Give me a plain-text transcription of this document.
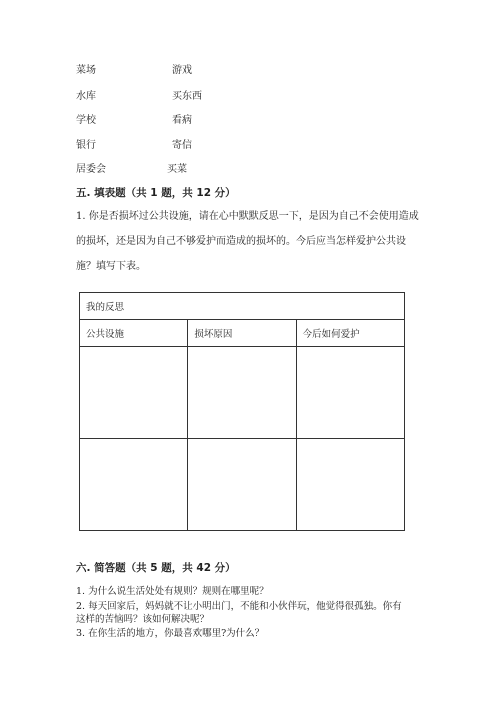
菜场	游戏
水库	买东西
学校	看病
银行	寄信
居委会	买菜
五. 填表题（共 1 题，共 12 分）
1. 你是否损坏过公共设施，请在心中默默反思一下，是因为自己不会使用造成的损坏，还是因为自己不够爱护而造成的损坏的。今后应当怎样爱护公共设施？填写下表。
我的反思		
公共设施	损坏原因	今后如何爱护

六. 简答题（共 5 题，共 42 分）
1. 为什么说生活处处有规则？规则在哪里呢？
2. 每天回家后，妈妈就不让小明出门，不能和小伙伴玩，他觉得很孤独。你有
这样的苦恼吗？该如何解决呢？
3. 在你生活的地方，你最喜欢哪里?为什么？
